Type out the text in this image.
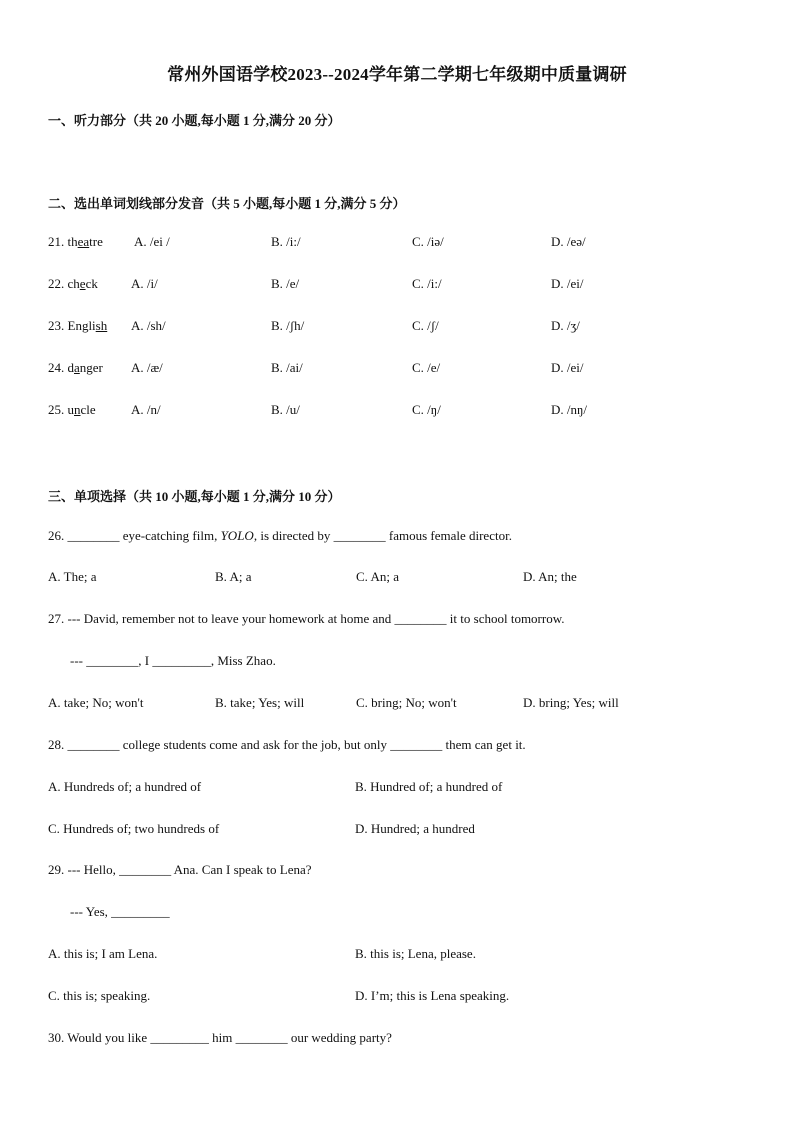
常州外国语学校2023--2024学年第二学期七年级期中质量调研
一、听力部分（共 20 小题,每小题 1 分,满分 20 分）
二、选出单词划线部分发音（共 5 小题,每小题 1 分,满分 5 分）
21. theatre A. /ei /	B. /i:/	C. /iə/	D. /eə/
22. check	A. /i/	B. /e/	C. /i:/	D. /ei/
23. English A. /sh/	B. /ʃh/	C. /ʃ/	D. /ʒ/
24. danger A. /æ/	B. /ai/	C. /e/	D. /ei/
25. uncle	A. /n/	B. /u/	C. /ŋ/	D. /nŋ/
三、单项选择（共 10 小题,每小题 1 分,满分 10 分）
26. ________ eye-catching film, YOLO, is directed by ________ famous female director.
A. The; a	B. A; a	C. An; a	D. An; the
27. --- David, remember not to leave your homework at home and ________ it to school tomorrow.
--- ________, I _________, Miss Zhao.
A. take; No; won't	B. take; Yes; will	C. bring; No; won't	D. bring; Yes; will
28. ________ college students come and ask for the job, but only ________ them can get it.
A. Hundreds of; a hundred of	B. Hundred of; a hundred of
C. Hundreds of; two hundreds of	D. Hundred; a hundred
29. --- Hello, ________ Ana. Can I speak to Lena?
--- Yes, _________
A. this is; I am Lena.	B. this is; Lena, please.
C. this is; speaking.	D. I’m; this is Lena speaking.
30. Would you like _________ him ________ our wedding party?
